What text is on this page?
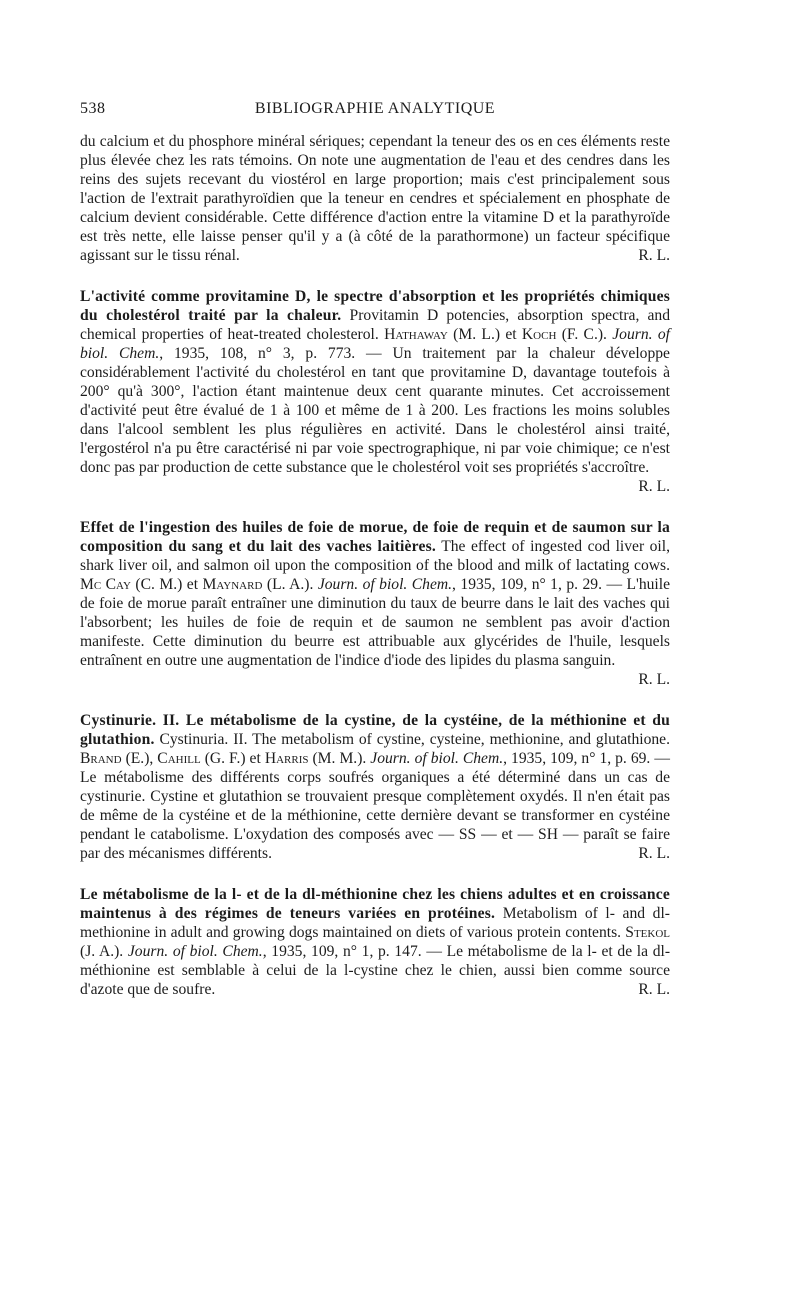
538	BIBLIOGRAPHIE ANALYTIQUE

du calcium et du phosphore minéral sériques; cependant la teneur des os en ces éléments reste plus élevée chez les rats témoins. On note une augmentation de l'eau et des cendres dans les reins des sujets recevant du viostérol en large proportion; mais c'est principalement sous l'action de l'extrait parathyroïdien que la teneur en cendres et spécialement en phosphate de calcium devient considérable. Cette différence d'action entre la vitamine D et la parathyroïde est très nette, elle laisse penser qu'il y a (à côté de la parathormone) un facteur spécifique agissant sur le tissu rénal.	R. L.

L'activité comme provitamine D, le spectre d'absorption et les propriétés chimiques du cholestérol traité par la chaleur. Provitamin D potencies, absorption spectra, and chemical properties of heat-treated cholesterol. Hathaway (M. L.) et Koch (F. C.). Journ. of biol. Chem., 1935, 108, n° 3, p. 773. — Un traitement par la chaleur développe considérablement l'activité du cholestérol en tant que provitamine D, davantage toutefois à 200° qu'à 300°, l'action étant maintenue deux cent quarante minutes. Cet accroissement d'activité peut être évalué de 1 à 100 et même de 1 à 200. Les fractions les moins solubles dans l'alcool semblent les plus régulières en activité. Dans le cholestérol ainsi traité, l'ergostérol n'a pu être caractérisé ni par voie spectrographique, ni par voie chimique; ce n'est donc pas par production de cette substance que le cholestérol voit ses propriétés s'accroître.
R. L.

Effet de l'ingestion des huiles de foie de morue, de foie de requin et de saumon sur la composition du sang et du lait des vaches laitières. The effect of ingested cod liver oil, shark liver oil, and salmon oil upon the composition of the blood and milk of lactating cows. Mc Cay (C. M.) et Maynard (L. A.). Journ. of biol. Chem., 1935, 109, n° 1, p. 29. — L'huile de foie de morue paraît entraîner une diminution du taux de beurre dans le lait des vaches qui l'absorbent; les huiles de foie de requin et de saumon ne semblent pas avoir d'action manifeste. Cette diminution du beurre est attribuable aux glycérides de l'huile, lesquels entraînent en outre une augmentation de l'indice d'iode des lipides du plasma sanguin.

R. L.

Cystinurie. II. Le métabolisme de la cystine, de la cystéine, de la méthionine et du glutathion. Cystinuria. II. The metabolism of cystine, cysteine, methionine, and glutathione. Brand (E.), Cahill (G. F.) et Harris (M. M.). Journ. of biol. Chem., 1935, 109, n° 1, p. 69. — Le métabolisme des différents corps soufrés organiques a été déterminé dans un cas de cystinurie. Cystine et glutathion se trouvaient presque complètement oxydés. Il n'en était pas de même de la cystéine et de la méthionine, cette dernière devant se transformer en cystéine pendant le catabolisme. L'oxydation des composés avec — SS — et — SH — paraît se faire par des mécanismes différents.	R. L.

Le métabolisme de la l- et de la dl-méthionine chez les chiens adultes et en croissance maintenus à des régimes de teneurs variées en protéines. Metabolism of l- and dl-methionine in adult and growing dogs maintained on diets of various protein contents. Stekol (J. A.). Journ. of biol. Chem., 1935, 109, n° 1, p. 147. — Le métabolisme de la l- et de la dl-méthionine est semblable à celui de la l-cystine chez le chien, aussi bien comme source d'azote que de soufre.	R. L.
